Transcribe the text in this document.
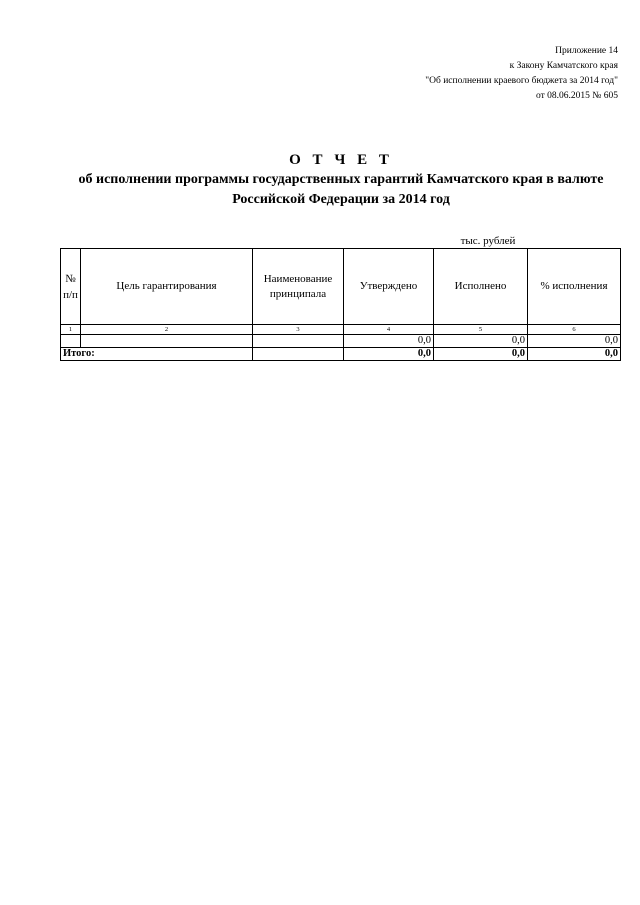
Приложение 14
к Закону Камчатского края
"Об исполнении краевого бюджета за 2014 год"
от 08.06.2015 № 605
О Т Ч Е Т
об исполнении программы государственных гарантий Камчатского края в валюте
Российской Федерации за 2014 год
тыс. рублей
№ п/п	Цель гарантирования	Наименование принципала	Утверждено	Исполнено	% исполнения
1	2	3	4	5	6
			0,0	0,0	0,0
Итого:			0,0	0,0	0,0
